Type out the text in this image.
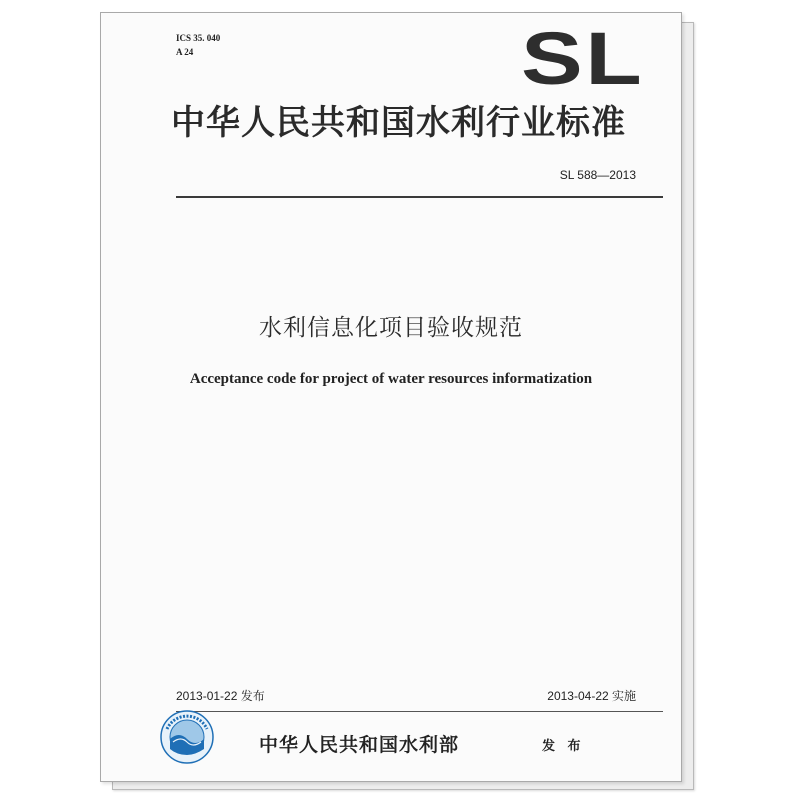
ICS 35. 040
A 24	SL
中华人民共和国水利行业标准
SL 588—2013
水利信息化项目验收规范
Acceptance code for project of water resources informatization
2013-01-22 发布	2013-04-22 实施
中华人民共和国水利部	发 布
